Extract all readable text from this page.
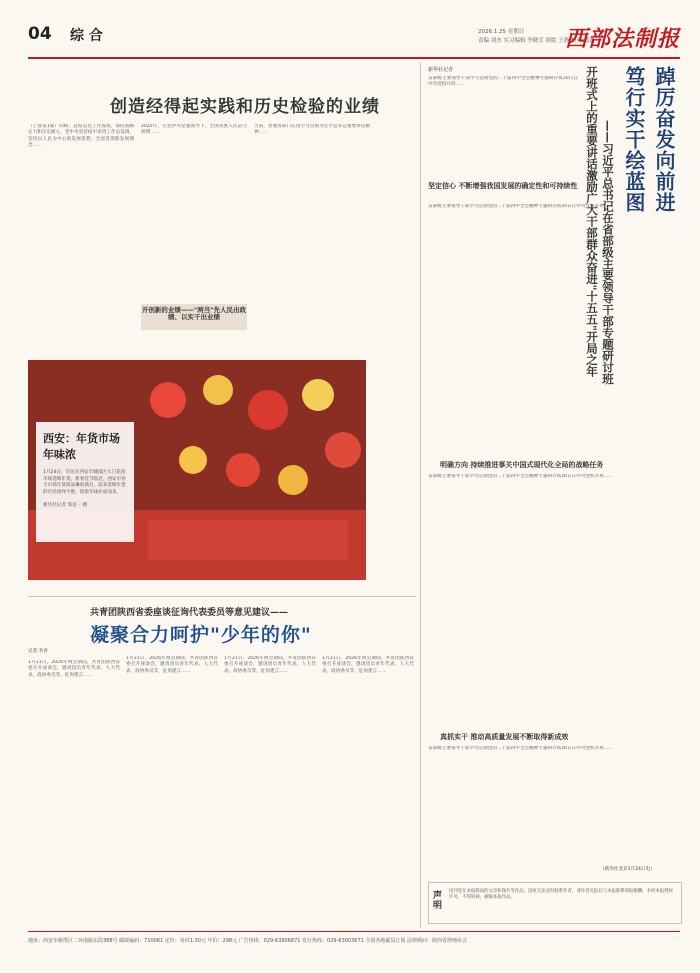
04 综 合	2026.1.25 星期日
责编 刘杰 实习编辑 李晓芳 组版 王静 校对 郑磊
西部法制报
创造经得起实践和历史检验的业绩
（上接第1版）回顾、总结以往工作成绩、保持战略定力和历史耐心。党中央坚持稳中求进工作总基调，坚持以人民为中心的发展思想，全面贯彻新发展理念……
2025年，在党中央坚强领导下，全国各族人民奋力拼搏……
开创新的业绩——"两当"先人民出政绩、以实干出业绩
当前，各地各部门认真学习贯彻习近平总书记重要讲话精神……
西安：年货市场年味浓
1月24日，市民在西安市城南区大门花园市场选购年货。新春佳节临近，西安市各大市场年货商品琳琅满目，前来选购年货的市民络绎不绝，浓浓年味扑面而来。
新华社记者 邹竞一 摄
共青团陕西省委座谈征询代表委员等意见建议——
凝聚合力呵护"少年的你"
记者 李青
1月21日，2026年两会期间，共青团陕西省委召开座谈会，邀请团员青年代表、人大代表、政协委员等，征询建言……
1月21日，2026年两会期间，共青团陕西省委召开座谈会，邀请团员青年代表、人大代表、政协委员等，征询建言……
1月21日，2026年两会期间，共青团陕西省委召开座谈会，邀请团员青年代表、人大代表、政协委员等，征询建言……
1月21日，2026年两会期间，共青团陕西省委召开座谈会，邀请团员青年代表、人大代表、政协委员等，征询建言……
新华社记者	踔厉奋发向前进
笃行实干绘蓝图
——习近平总书记在省部级主要领导干部专题研讨班
开班式上的重要讲话激励广大干部群众奋进"十五五"开局之年
省部级主要领导干部学习贯彻党的二十届四中全会精神专题研讨班20日在中央党校开班……
坚定信心 不断增强我国发展的确定性和可持续性
省部级主要领导干部学习贯彻党的二十届四中全会精神专题研讨班20日在中央党校开班……
明确方向 持续推进事关中国式现代化全局的战略任务
省部级主要领导干部学习贯彻党的二十届四中全会精神专题研讨班20日在中央党校开班……
真抓实干 推动高质量发展不断取得新成效
省部级主要领导干部学习贯彻党的二十届四中全会精神专题研讨班20日在中央党校开班……
（新华社北京1月24日电）
声明
因刊登在本报版面的文章和图片等作品，因故无法及时联系作者，请作者见报后与本报联系领取稿酬。未经本报授权许可，不得转载、摘编本报作品。
地址：西安市雁塔区二环南路东段388号 邮政编码：710061 定价：每份1.30元 年价：298元 广告热线：029-63906871 发行热线：029-63003671 全国各地邮局订阅 法律顾问：陕西省律师协会
